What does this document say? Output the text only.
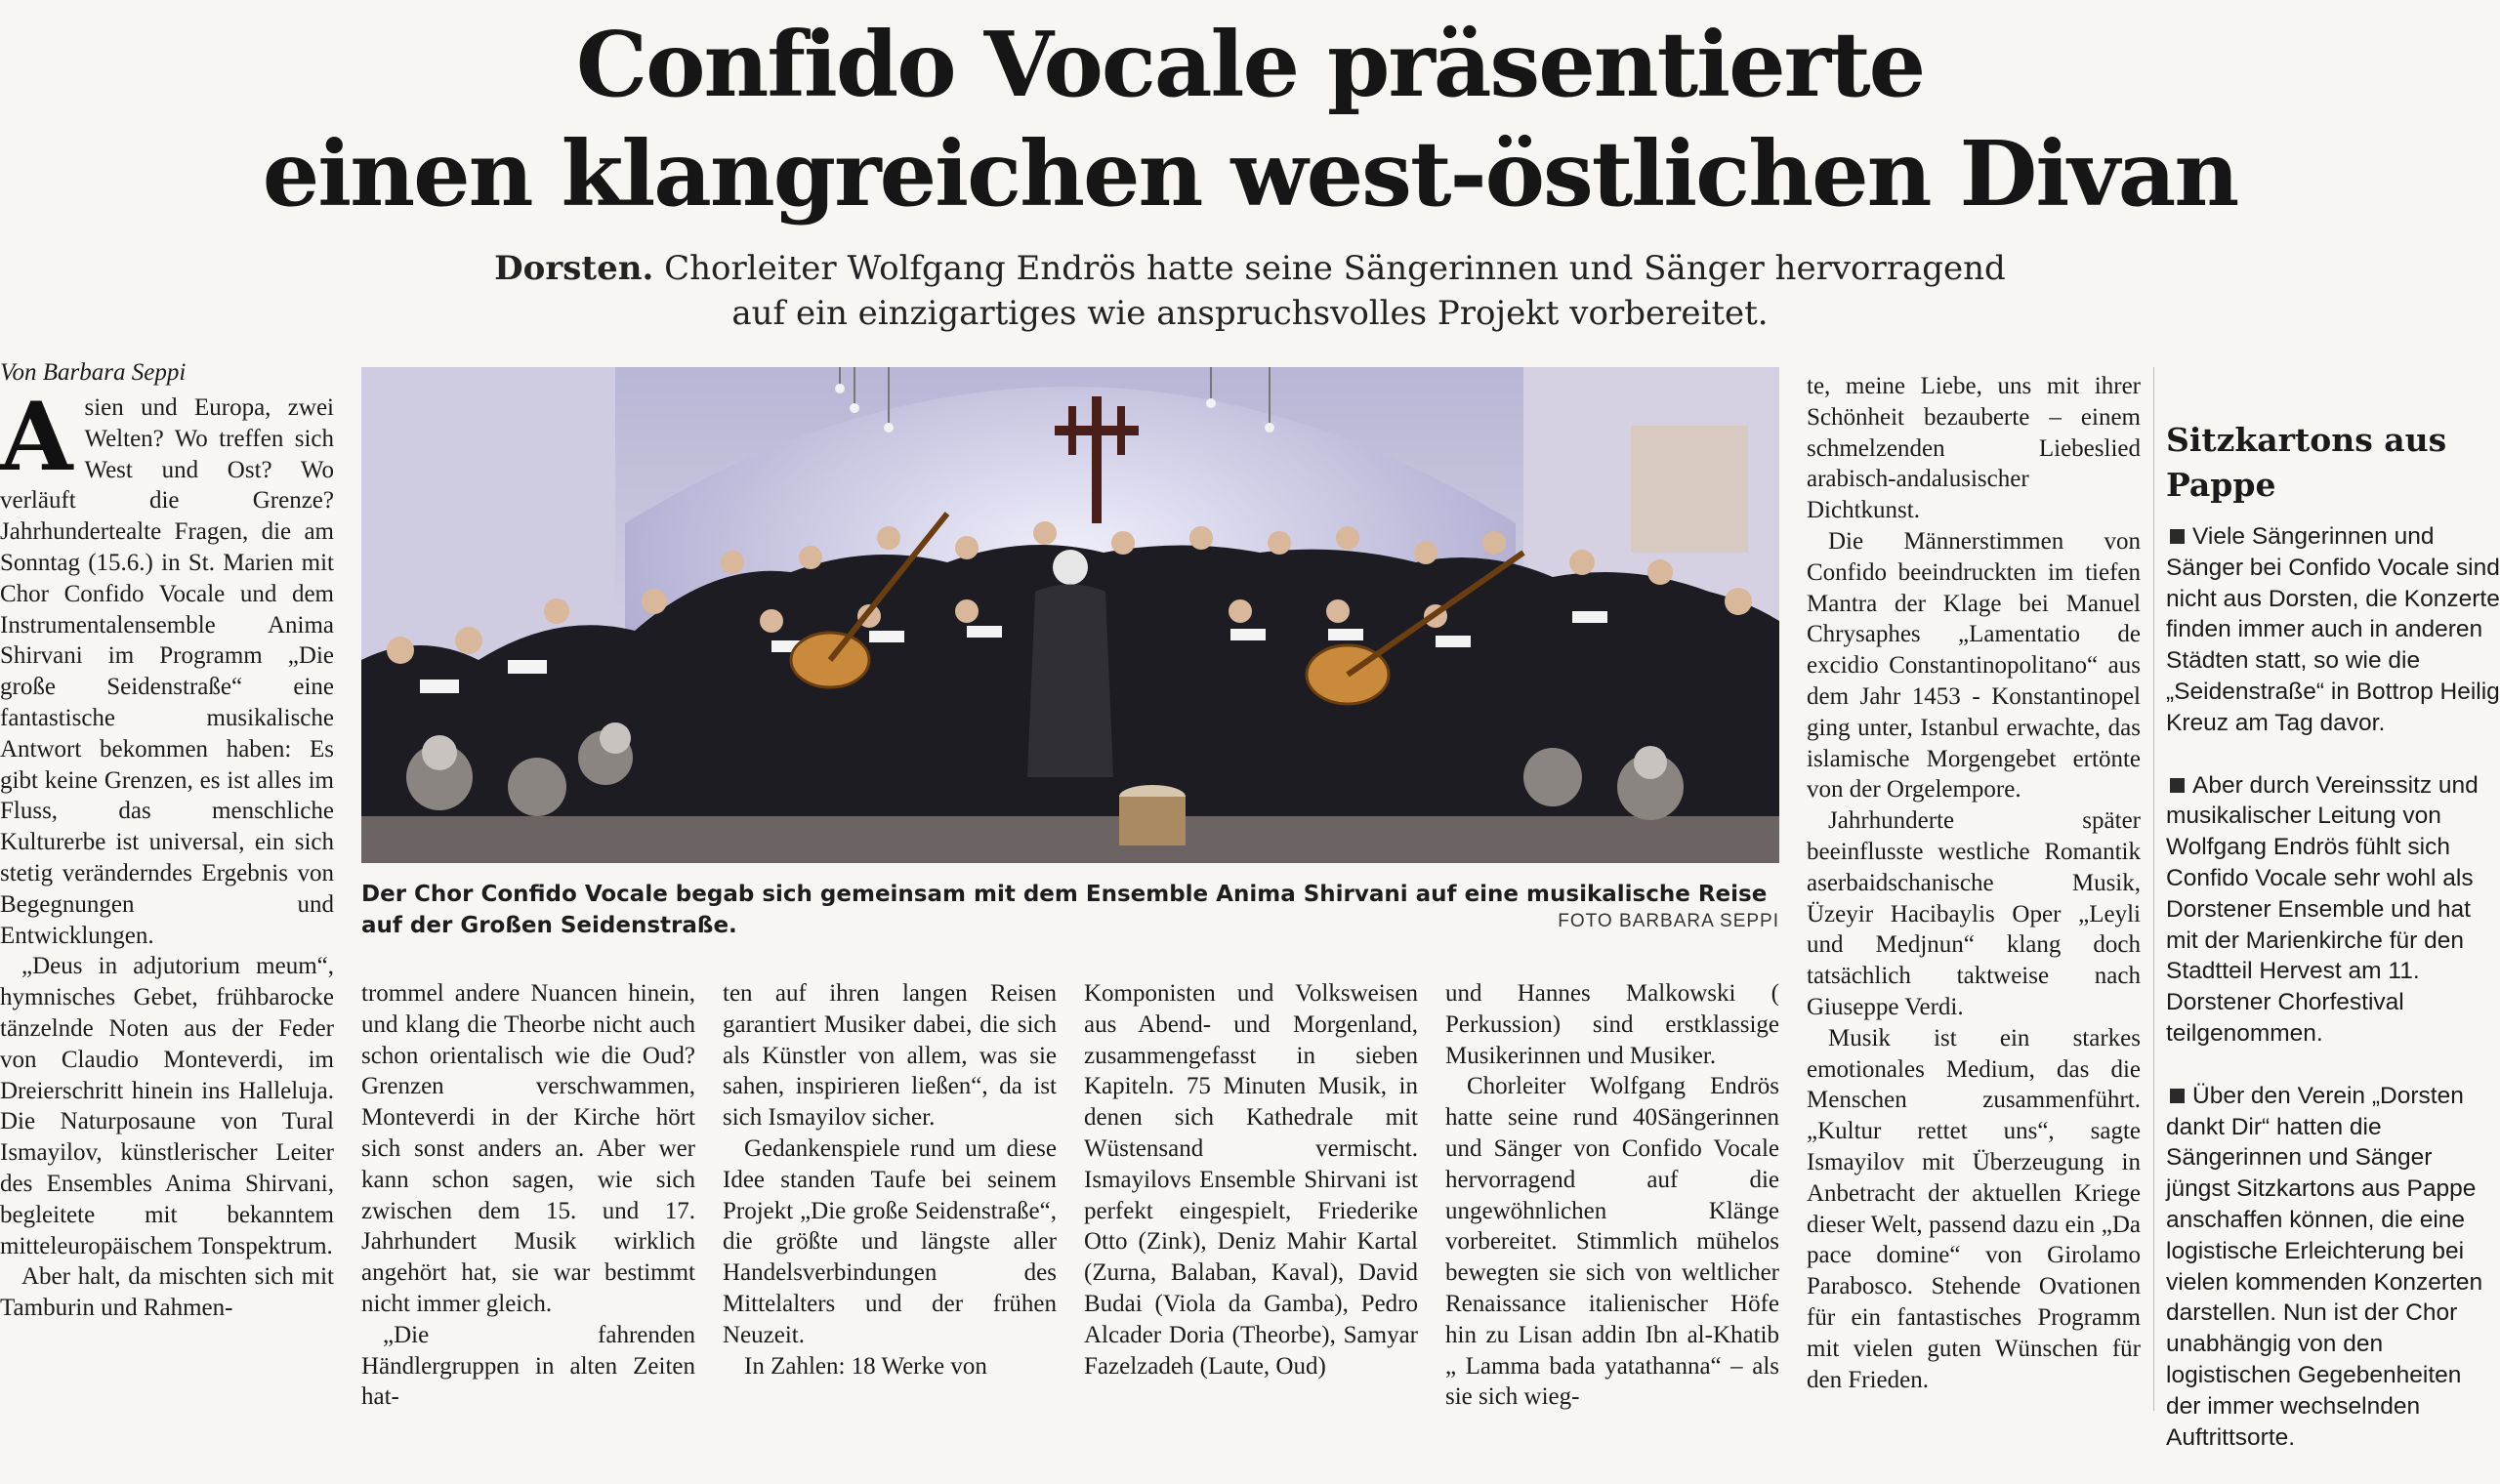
Confido Vocale präsentierte
einen klangreichen west-östlichen Divan
Dorsten. Chorleiter Wolfgang Endrös hatte seine Sängerinnen und Sänger hervorragend
auf ein einzigartiges wie anspruchsvolles Projekt vorbereitet.
Von Barbara Seppi

Asien und Europa, zwei Welten? Wo treffen sich West und Ost? Wo verläuft die Grenze? Jahrhundertealte Fragen, die am Sonntag (15.6.) in St. Marien mit Chor Confido Vocale und dem Instrumentalensemble Anima Shirvani im Programm „Die große Seidenstraße“ eine fantastische musikalische Antwort bekommen haben: Es gibt keine Grenzen, es ist alles im Fluss, das menschliche Kulturerbe ist universal, ein sich stetig veränderndes Ergebnis von Begegnungen und Entwicklungen.

„Deus in adjutorium meum“, hymnisches Gebet, frühbarocke tänzelnde Noten aus der Feder von Claudio Monteverdi, im Dreierschritt hinein ins Halleluja. Die Naturposaune von Tural Ismayilov, künstlerischer Leiter des Ensembles Anima Shirvani, begleitete mit bekanntem mitteleuropäischem Tonspektrum.

Aber halt, da mischten sich mit Tamburin und Rahmen-

Der Chor Confido Vocale begab sich gemeinsam mit dem Ensemble Anima Shirvani auf eine musikalische Reise auf der Großen Seidenstraße.	FOTO BARBARA SEPPI

trommel andere Nuancen hinein, und klang die Theorbe nicht auch schon orientalisch wie die Oud? Grenzen verschwammen, Monteverdi in der Kirche hört sich sonst anders an. Aber wer kann schon sagen, wie sich zwischen dem 15. und 17. Jahrhundert Musik wirklich angehört hat, sie war bestimmt nicht immer gleich.

„Die fahrenden Händlergruppen in alten Zeiten hat-

ten auf ihren langen Reisen garantiert Musiker dabei, die sich als Künstler von allem, was sie sahen, inspirieren ließen“, da ist sich Ismayilov sicher.

Gedankenspiele rund um diese Idee standen Taufe bei seinem Projekt „Die große Seidenstraße“, die größte und längste aller Handelsverbindungen des Mittelalters und der frühen Neuzeit.

In Zahlen: 18 Werke von

Komponisten und Volksweisen aus Abend- und Morgenland, zusammengefasst in sieben Kapiteln. 75 Minuten Musik, in denen sich Kathedrale mit Wüstensand vermischt. Ismayilovs Ensemble Shirvani ist perfekt eingespielt, Friederike Otto (Zink), Deniz Mahir Kartal (Zurna, Balaban, Kaval), David Budai (Viola da Gamba), Pedro Alcader Doria (Theorbe), Samyar Fazelzadeh (Laute, Oud)

und Hannes Malkowski ( Perkussion) sind erstklassige Musikerinnen und Musiker.

Chorleiter Wolfgang Endrös hatte seine rund 40Sängerinnen und Sänger von Confido Vocale hervorragend auf die ungewöhnlichen Klänge vorbereitet. Stimmlich mühelos bewegten sie sich von weltlicher Renaissance italienischer Höfe hin zu Lisan addin Ibn al-Khatib „ Lamma bada yatathanna“ – als sie sich wieg-

te, meine Liebe, uns mit ihrer Schönheit bezauberte – einem schmelzenden Liebeslied arabisch-andalusischer Dichtkunst.

Die Männerstimmen von Confido beeindruckten im tiefen Mantra der Klage bei Manuel Chrysaphes „Lamentatio de excidio Constantinopolitano“ aus dem Jahr 1453 - Konstantinopel ging unter, Istanbul erwachte, das islamische Morgengebet ertönte von der Orgelempore.

Jahrhunderte später beeinflusste westliche Romantik aserbaidschanische Musik, Üzeyir Hacibaylis Oper „Leyli und Medjnun“ klang doch tatsächlich taktweise nach Giuseppe Verdi.

Musik ist ein starkes emotionales Medium, das die Menschen zusammenführt. „Kultur rettet uns“, sagte Ismayilov mit Überzeugung in Anbetracht der aktuellen Kriege dieser Welt, passend dazu ein „Da pace domine“ von Girolamo Parabosco. Stehende Ovationen für ein fantastisches Programm mit vielen guten Wünschen für den Frieden.

Sitzkartons aus Pappe

Viele Sängerinnen und Sänger bei Confido Vocale sind nicht aus Dorsten, die Konzerte finden immer auch in anderen Städten statt, so wie die „Seidenstraße“ in Bottrop Heilig Kreuz am Tag davor.

Aber durch Vereinssitz und musikalischer Leitung von Wolfgang Endrös fühlt sich Confido Vocale sehr wohl als Dorstener Ensemble und hat mit der Marienkirche für den Stadtteil Hervest am 11. Dorstener Chorfestival teilgenommen.

Über den Verein „Dorsten dankt Dir“ hatten die Sängerinnen und Sänger jüngst Sitzkartons aus Pappe anschaffen können, die eine logistische Erleichterung bei vielen kommenden Konzerten darstellen. Nun ist der Chor unabhängig von den logistischen Gegebenheiten der immer wechselnden Auftrittsorte.
